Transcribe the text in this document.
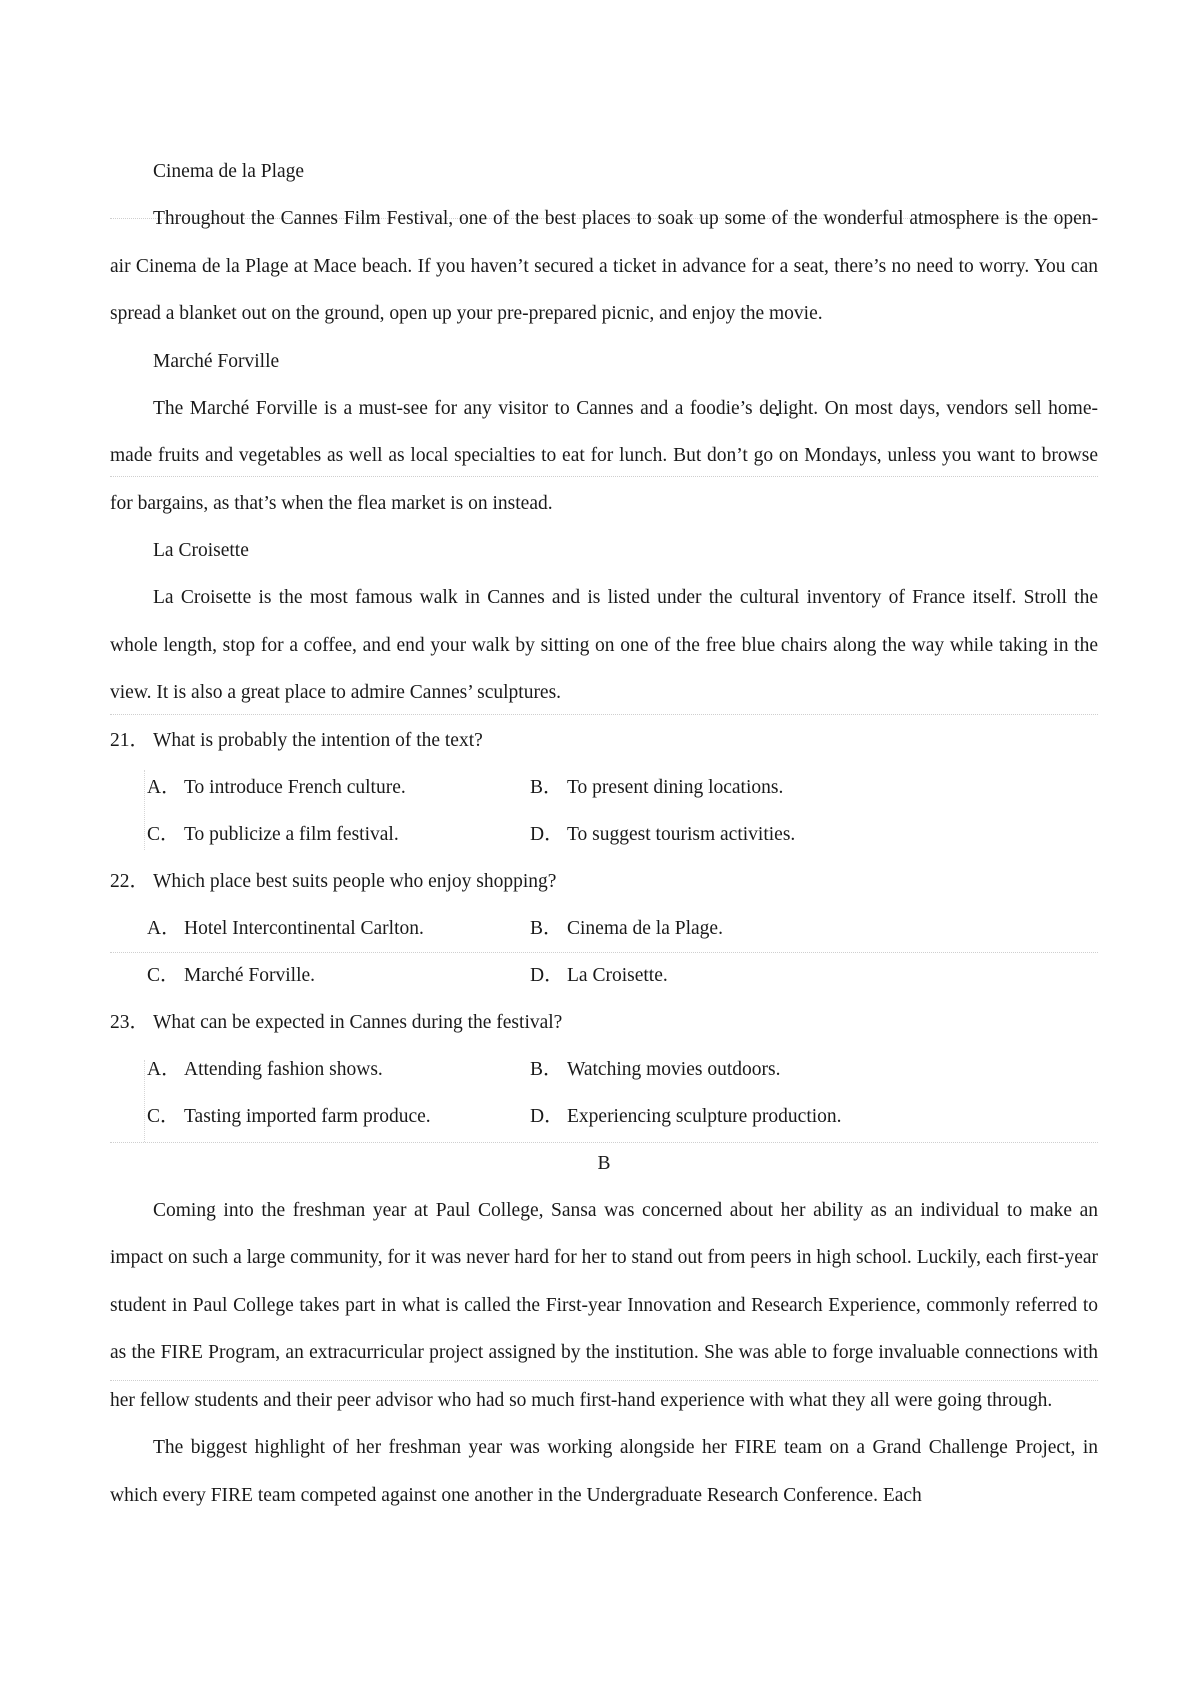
Cinema de la Plage
Throughout the Cannes Film Festival, one of the best places to soak up some of the wonderful atmosphere is the open-air Cinema de la Plage at Mace beach. If you haven’t secured a ticket in advance for a seat, there’s no need to worry. You can spread a blanket out on the ground, open up your pre-prepared picnic, and enjoy the movie.
Marché Forville
The Marché Forville is a must-see for any visitor to Cannes and a foodie’s delight. On most days, vendors sell home-made fruits and vegetables as well as local specialties to eat for lunch. But don’t go on Mondays, unless you want to browse for bargains, as that’s when the flea market is on instead.
La Croisette
La Croisette is the most famous walk in Cannes and is listed under the cultural inventory of France itself. Stroll the whole length, stop for a coffee, and end your walk by sitting on one of the free blue chairs along the way while taking in the view. It is also a great place to admire Cannes’ sculptures.
21． What is probably the intention of the text?
A． To introduce French culture.	B． To present dining locations.
C． To publicize a film festival.	D． To suggest tourism activities.
22． Which place best suits people who enjoy shopping?
A． Hotel Intercontinental Carlton.	B． Cinema de la Plage.
C． Marché Forville.	D． La Croisette.
23． What can be expected in Cannes during the festival?
A． Attending fashion shows.	B． Watching movies outdoors.
C． Tasting imported farm produce.	D． Experiencing sculpture production.
B
Coming into the freshman year at Paul College, Sansa was concerned about her ability as an individual to make an impact on such a large community, for it was never hard for her to stand out from peers in high school. Luckily, each first-year student in Paul College takes part in what is called the First-year Innovation and Research Experience, commonly referred to as the FIRE Program, an extracurricular project assigned by the institution. She was able to forge invaluable connections with her fellow students and their peer advisor who had so much first-hand experience with what they all were going through.
The biggest highlight of her freshman year was working alongside her FIRE team on a Grand Challenge Project, in which every FIRE team competed against one another in the Undergraduate Research Conference. Each
